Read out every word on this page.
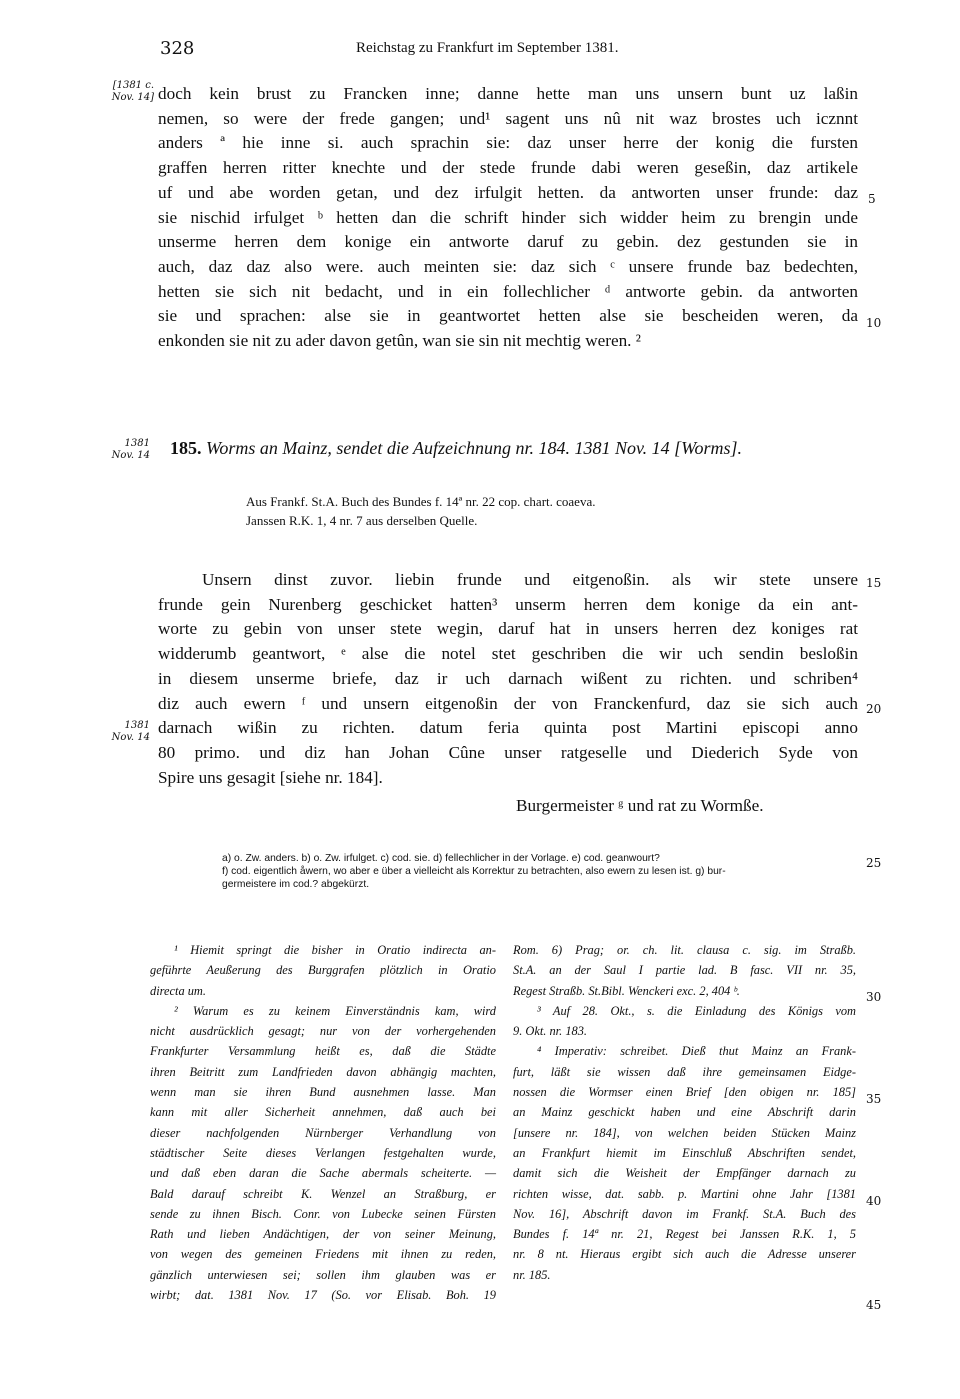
328	Reichstag zu Frankfurt im September 1381.
[1381 c. Nov. 14]
1381 Nov. 14
1381 Nov. 14
5
10
15
20
25
30
35
40
45
doch kein brust zu Francken inne; danne hette man uns unsern bunt uz laßin
nemen, so were der frede gangen; und¹ sagent uns nû nit waz brostes uch icznnt
anders ª hie inne si. auch sprachin sie: daz unser herre der konig die fursten
graffen herren ritter knechte und der stede frunde dabi weren geseßin, daz artikele
uf und abe worden getan, und dez irfulgit hetten. da antworten unser frunde: daz
sie nischid irfulget ᵇ hetten dan die schrift hinder sich widder heim zu brengin unde
unserme herren dem konige ein antworte daruf zu gebin. dez gestunden sie in
auch, daz daz also were. auch meinten sie: daz sich ᶜ unsere frunde baz bedechten,
hetten sie sich nit bedacht, und in ein follechlicher ᵈ antworte gebin. da antworten
sie und sprachen: alse sie in geantwortet hetten alse sie bescheiden weren, da
enkonden sie nit zu ader davon getûn, wan sie sin nit mechtig weren. ²
185. Worms an Mainz, sendet die Aufzeichnung nr. 184. 1381 Nov. 14 [Worms].
Aus Frankf. St.A. Buch des Bundes f. 14ª nr. 22 cop. chart. coaeva.
Janssen R.K. 1, 4 nr. 7 aus derselben Quelle.
Unsern dinst zuvor. liebin frunde und eitgenoßin. als wir stete unsere
frunde gein Nurenberg geschicket hatten³ unserm herren dem konige da ein ant-
worte zu gebin von unser stete wegin, daruf hat in unsers herren dez koniges rat
widderumb geantwort, ᵉ alse die notel stet geschriben die wir uch sendin besloßin
in diesem unserme briefe, daz ir uch darnach wißent zu richten. und schriben⁴
diz auch ewern ᶠ und unsern eitgenoßin der von Franckenfurd, daz sie sich auch
darnach wißin zu richten. datum feria quinta post Martini episcopi anno
80 primo. und diz han Johan Cûne unser ratgeselle und Diederich Syde von
Spire uns gesagit [siehe nr. 184].
Burgermeister ᵍ und rat zu Wormße.
a) o. Zw. anders. b) o. Zw. irfulget. c) cod. sie. d) fellechlicher in der Vorlage. e) cod. geanwourt?
f) cod. eigentlich åwern, wo aber e über a vielleicht als Korrektur zu betrachten, also ewern zu lesen ist. g) bur-
germeistere im cod.? abgekürzt.
¹ Hiemit springt die bisher in Oratio indirecta an-
geführte Aeußerung des Burggrafen plötzlich in Oratio
directa um.
² Warum es zu keinem Einverständnis kam, wird
nicht ausdrücklich gesagt; nur von der vorhergehenden
Frankfurter Versammlung heißt es, daß die Städte
ihren Beitritt zum Landfrieden davon abhängig machten,
wenn man sie ihren Bund ausnehmen lasse. Man
kann mit aller Sicherheit annehmen, daß auch bei
dieser nachfolgenden Nürnberger Verhandlung von
städtischer Seite dieses Verlangen festgehalten wurde,
und daß eben daran die Sache abermals scheiterte. —
Bald darauf schreibt K. Wenzel an Straßburg, er
sende zu ihnen Bisch. Conr. von Lubecke seinen Fürsten
Rath und lieben Andächtigen, der von seiner Meinung,
von wegen des gemeinen Friedens mit ihnen zu reden,
gänzlich unterwiesen sei; sollen ihm glauben was er
wirbt; dat. 1381 Nov. 17 (So. vor Elisab. Boh. 19
Rom. 6) Prag; or. ch. lit. clausa c. sig. im Straßb.
St.A. an der Saul I partie lad. B fasc. VII nr. 35,
Regest Straßb. St.Bibl. Wenckeri exc. 2, 404 ᵇ.
³ Auf 28. Okt., s. die Einladung des Königs vom
9. Okt. nr. 183.
⁴ Imperativ: schreibet. Dieß thut Mainz an Frank-
furt, läßt sie wissen daß ihre gemeinsamen Eidge-
nossen die Wormser einen Brief [den obigen nr. 185]
an Mainz geschickt haben und eine Abschrift darin
[unsere nr. 184], von welchen beiden Stücken Mainz
an Frankfurt hiemit im Einschluß Abschriften sendet,
damit sich die Weisheit der Empfänger darnach zu
richten wisse, dat. sabb. p. Martini ohne Jahr [1381
Nov. 16], Abschrift davon im Frankf. St.A. Buch des
Bundes f. 14ª nr. 21, Regest bei Janssen R.K. 1, 5
nr. 8 nt. Hieraus ergibt sich auch die Adresse unserer
nr. 185.
